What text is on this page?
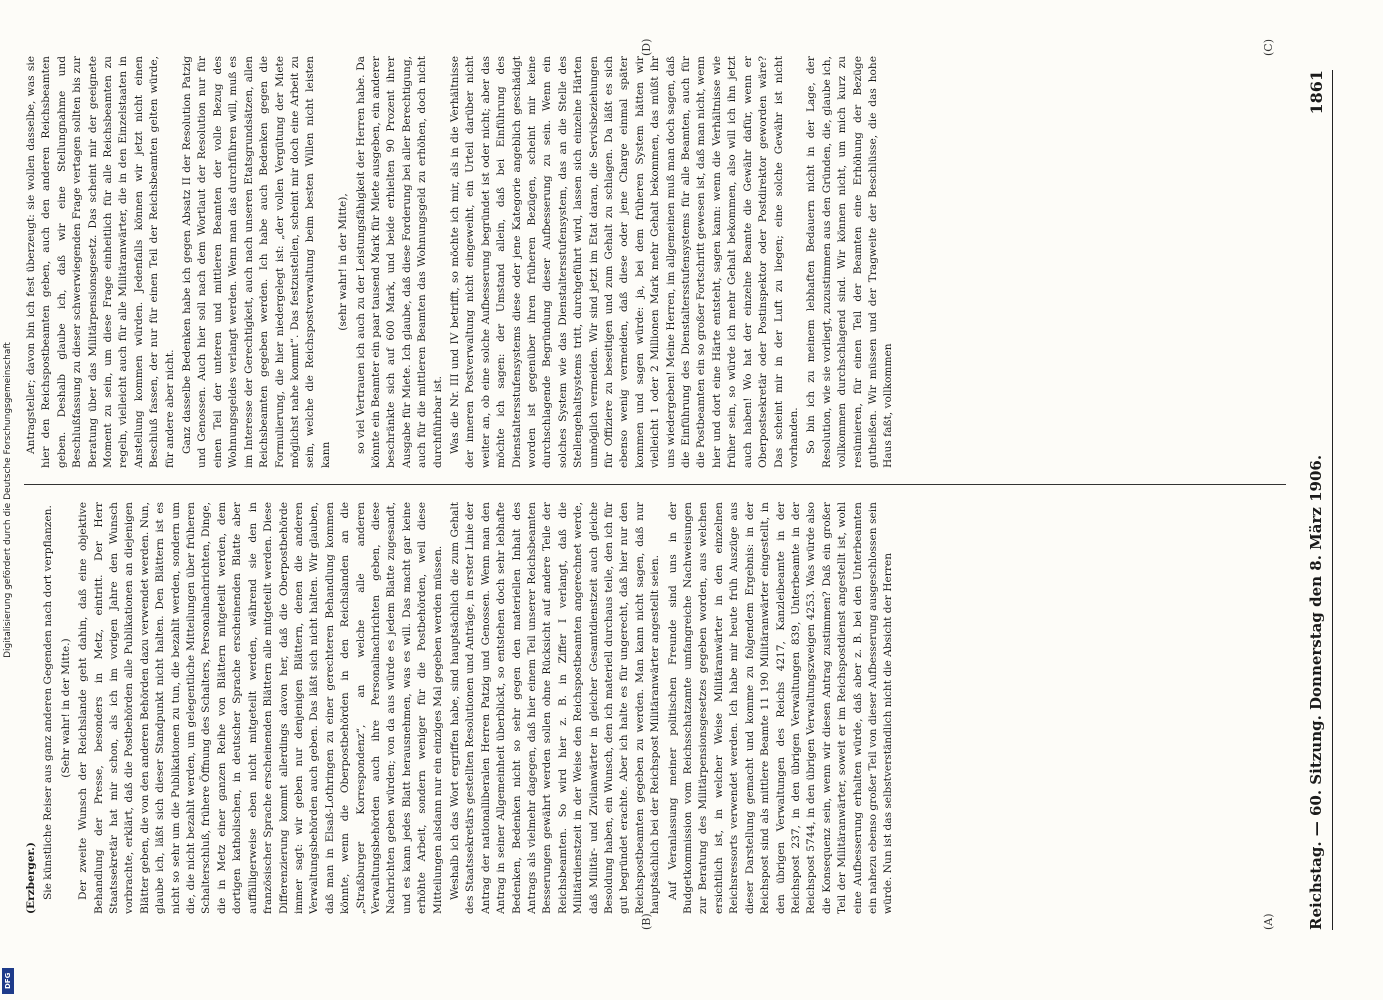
Reichstag. — 60. Sitzung. Donnerstag den 8. März 1906.
1861
(A)
(B)
(C)
(D)

(Erzberger.) Sie künstliche Reiser aus ganz anderen Gegenden nach dort verpflanzen. (Sehr wahr! in der Mitte.) Der zweite Wunsch der Reichslande geht dahin, daß eine objektive Behandlung der Presse, besonders in Metz, eintritt. Der Herr Staatssekretär hat mir schon, als ich im vorigen Jahre den Wunsch vorbrachte, erklärt, daß die Postbehörden alle Publikationen an diejenigen Blätter geben, die von den anderen Behörden dazu verwendet werden. Nun, glaube ich, läßt sich dieser Standpunkt nicht halten. Den Blättern ist es nicht so sehr um die Publikationen zu tun, die bezahlt werden, sondern um die, die nicht bezahlt werden, um gelegentliche Mitteilungen über früheren Schalterschluß, frühere Öffnung des Schalters, Personalnachrichten, Dinge, die in Metz einer ganzen Reihe von Blättern mitgeteilt werden, dem dortigen katholischen, in deutscher Sprache erscheinenden Blatte aber auffälligerweise eben nicht mitgeteilt werden, während sie den in französischer Sprache erscheinenden Blättern alle mitgeteilt werden. Diese Differenzierung kommt allerdings davon her, daß die Oberpostbehörde immer sagt: wir geben nur denjenigen Blättern, denen die anderen Verwaltungsbehörden auch geben. Das läßt sich nicht halten. Wir glauben, daß man in Elsaß-Lothringen zu einer gerechteren Behandlung kommen könnte, wenn die Oberpostbehörden in den Reichslanden an die „Straßburger Korrespondenz“, an welche alle anderen Verwaltungsbehörden auch ihre Personalnachrichten geben, diese Nachrichten geben würden; von da aus würde es jedem Blatte zugesandt, und es kann jedes Blatt herausnehmen, was es will. Das macht gar keine erhöhte Arbeit, sondern weniger für die Postbehörden, weil diese Mitteilungen alsdann nur ein einziges Mal gegeben werden müssen. Weshalb ich das Wort ergriffen habe, sind hauptsächlich die zum Gehalt des Staatssekretärs gestellten Resolutionen und Anträge, in erster Linie der Antrag der nationalliberalen Herren Patzig und Genossen. Wenn man den Antrag in seiner Allgemeinheit überblickt, so entstehen doch sehr lebhafte Bedenken, Bedenken nicht so sehr gegen den materiellen Inhalt des Antrags als vielmehr dagegen, daß hier einem Teil unserer Reichsbeamten Besserungen gewährt werden sollen ohne Rücksicht auf andere Teile der Reichsbeamten. So wird hier z. B. in Ziffer I verlangt, daß die Militärdienstzeit in der Weise den Reichspostbeamten angerechnet werde, daß Militär- und Zivilanwärter in gleicher Gesamtdienstzeit auch gleiche Besoldung haben, ein Wunsch, den ich materiell durchaus teile, den ich für gut begründet erachte. Aber ich halte es für ungerecht, daß hier nur den Reichspostbeamten gegeben zu werden. Man kann nicht sagen, daß nur hauptsächlich bei der Reichspost Militäranwärter angestellt seien. Auf Veranlassung meiner politischen Freunde sind uns in der Budgetkommission vom Reichsschatzamte umfangreiche Nachweisungen zur Beratung des Militärpensionsgesetzes gegeben worden, aus welchen ersichtlich ist, in welcher Weise Militäranwärter in den einzelnen Reichsressorts verwendet werden. Ich habe mir heute früh Auszüge aus dieser Darstellung gemacht und komme zu folgendem Ergebnis: in der Reichspost sind als mittlere Beamte 11 190 Militäranwärter eingestellt, in den übrigen Verwaltungen des Reichs 4217, Kanzleibeamte in der Reichspost 237, in den übrigen Verwaltungen 839, Unterbeamte in der Reichspost 5744, in den übrigen Verwaltungszweigen 4253. Was würde also die Konsequenz sein, wenn wir diesen Antrag zustimmen? Daß ein großer Teil der Militäranwärter, soweit er im Reichspostdienst angestellt ist, wohl eine Aufbesserung erhalten würde, daß aber z. B. bei den Unterbeamten ein nahezu ebenso großer Teil von dieser Aufbesserung ausgeschlossen sein würde. Nun ist das selbstverständlich nicht die Absicht der Herren

Antragsteller; davon bin ich fest überzeugt: sie wollen dasselbe, was sie hier den Reichspostbeamten geben, auch den anderen Reichsbeamten geben. Deshalb glaube ich, daß wir eine Stellungnahme und Beschlußfassung zu dieser schwerwiegenden Frage vertagen sollten bis zur Beratung über das Militärpensionsgesetz. Das scheint mir der geeignete Moment zu sein, um diese Frage einheitlich für alle Reichsbeamten zu regeln, vielleicht auch für alle Militäranwärter, die in den Einzelstaaten in Anstellung kommen würden. Jedenfalls können wir jetzt nicht einen Beschluß fassen, der nur für einen Teil der Reichsbeamten gelten würde, für andere aber nicht. Ganz dasselbe Bedenken habe ich gegen Absatz II der Resolution Patzig und Genossen. Auch hier soll nach dem Wortlaut der Resolution nur für einen Teil der unteren und mittleren Beamten der volle Bezug des Wohnungsgeldes verlangt werden. Wenn man das durchführen will, muß es im Interesse der Gerechtigkeit, auch nach unseren Etatsgrundsätzen, allen Reichsbeamten gegeben werden. Ich habe auch Bedenken gegen die Formulierung, die hier niedergelegt ist: „der vollen Vergütung der Miete möglichst nahe kommt“. Das festzustellen, scheint mir doch eine Arbeit zu sein, welche die Reichspostverwaltung beim besten Willen nicht leisten kann

(sehr wahr! in der Mitte), so viel Vertrauen ich auch zu der Leistungsfähigkeit der Herren habe. Da könnte ein Beamter ein paar tausend Mark für Miete ausgeben, ein anderer beschränkte sich auf 600 Mark, und beide erhielten 90 Prozent ihrer Ausgabe für Miete. Ich glaube, daß diese Forderung bei aller Berechtigung, auch für die mittleren Beamten das Wohnungsgeld zu erhöhen, doch nicht durchführbar ist. Was die Nr. III und IV betrifft, so möchte ich mir, als in die Verhältnisse der inneren Postverwaltung nicht eingeweiht, ein Urteil darüber nicht weiter an, ob eine solche Aufbesserung begründet ist oder nicht; aber das möchte ich sagen: der Umstand allein, daß bei Einführung des Dienstaltersstufensystems diese oder jene Kategorie angeblich geschädigt worden ist gegenüber ihren früheren Bezügen, scheint mir keine durchschlagende Begründung dieser Aufbesserung zu sein. Wenn ein solches System wie das Dienstaltersstufensystem, das an die Stelle des Stellengehaltsystems tritt, durchgeführt wird, lassen sich einzelne Härten unmöglich vermeiden. Wir sind jetzt im Etat daran, die Servisbeziehungen für Offiziere zu beseitigen und zum Gehalt zu schlagen. Da läßt es sich ebenso wenig vermeiden, daß diese oder jene Charge einmal später kommen und sagen würde: ja, bei dem früheren System hätten wir vielleicht 1 oder 2 Millionen Mark mehr Gehalt bekommen, das müßt ihr uns wiedergeben! Meine Herren, im allgemeinen muß man doch sagen, daß die Einführung des Dienstaltersstufensystems für alle Beamten, auch für die Postbeamten ein so großer Fortschritt gewesen ist, daß man nicht, wenn hier und dort eine Härte entsteht, sagen kann: wenn die Verhältnisse wie früher sein, so würde ich mehr Gehalt bekommen, also will ich ihn jetzt auch haben! Wo hat der einzelne Beamte die Gewähr dafür, wenn er Oberpostsekretär oder Postinspektor oder Postdirektor geworden wäre? Das scheint mir in der Luft zu liegen; eine solche Gewähr ist nicht vorhanden. So bin ich zu meinem lebhaften Bedauern nicht in der Lage, der Resolution, wie sie vorliegt, zuzustimmen aus den Gründen, die, glaube ich, vollkommen durchschlagend sind. Wir können nicht, um mich kurz zu resümieren, für einen Teil der Beamten eine Erhöhung der Bezüge gutheißen. Wir müssen und der Tragweite der Beschlüsse, die das hohe Haus faßt, vollkommen

Digitalisierung gefördert durch die Deutsche Forschungsgemeinschaft
DFG
